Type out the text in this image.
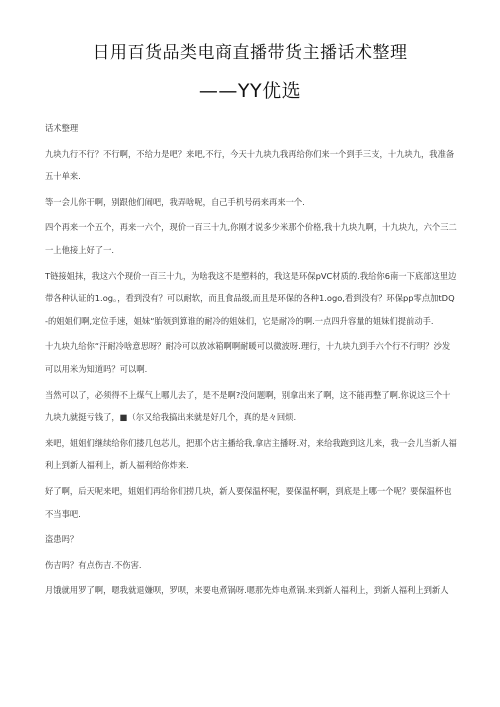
日用百货品类电商直播带货主播话术整理
——YY优选

话术整理

九块九行不行？不行啊，不给力是吧？来吧,不行，今天十九块九我再给你们来一个到手三支，十九块九，我准备五十单来.

等一会儿你干啊，别跟他们闹吧，我弄啥呢，自己手机号码来再来一个.

四个再来一个五个，再来一六个，现价一百三十九,你刚才说多少米那个价格,我十九块九啊，十九块九，六个三二一上他接上好了一.

T链接姐抹，我这六个现价一百三十九，为啥我这不是塑料的，我这是环保pVC材质的.我给你6南一下底部这里边带各种认证的1.og。，看到没有？可以耐软，而且食品级,而且是环保的各种1.ogo,看到没有？环保pp零点加tDQ-的姐姐们啊,定位手速，姐妹“胎领到算谁的耐冷的姐妹们，它是耐冷的啊.一点四升容量的姐妹们提前动手.

十九块九给你“汗耐冷啥意思呀？耐冷可以放冰箱啊啊耐暖可以微波呀.理行，十九块九到手六个行不行明？沙发可以用米为知道吗？可以啊.

当然可以了，必须得不上煤气上哪儿去了，是不是啊?没问题啊，别拿出来了啊，这不能再整了啊.你说这三个十九块九就挺亏钱了，■（尔又给我搞出来就是好几个，真的是々回烦.

来吧，姐姐们继续给你们搂几包芯儿，把那个店主播给我,拿店主播呀.对，来给我跑到这儿来，我一会儿当新人福利上到新人福利上，新人福利给你炸来.

好了啊，后天呢来吧，姐姐们再给你们捞几块，新人要保温杯呢，要保温杯啊，到底是上哪一个呢？要保温杯也不当事吧.

盗患吗？

伤吉吗？有点伤吉.不伤害.

月饿就用罗了啊，嗯我就退嫌呗，罗呗，来要电煮锅呀.嗯那先炸电煮锅.来到新人福利上，到新人福利上到新人
